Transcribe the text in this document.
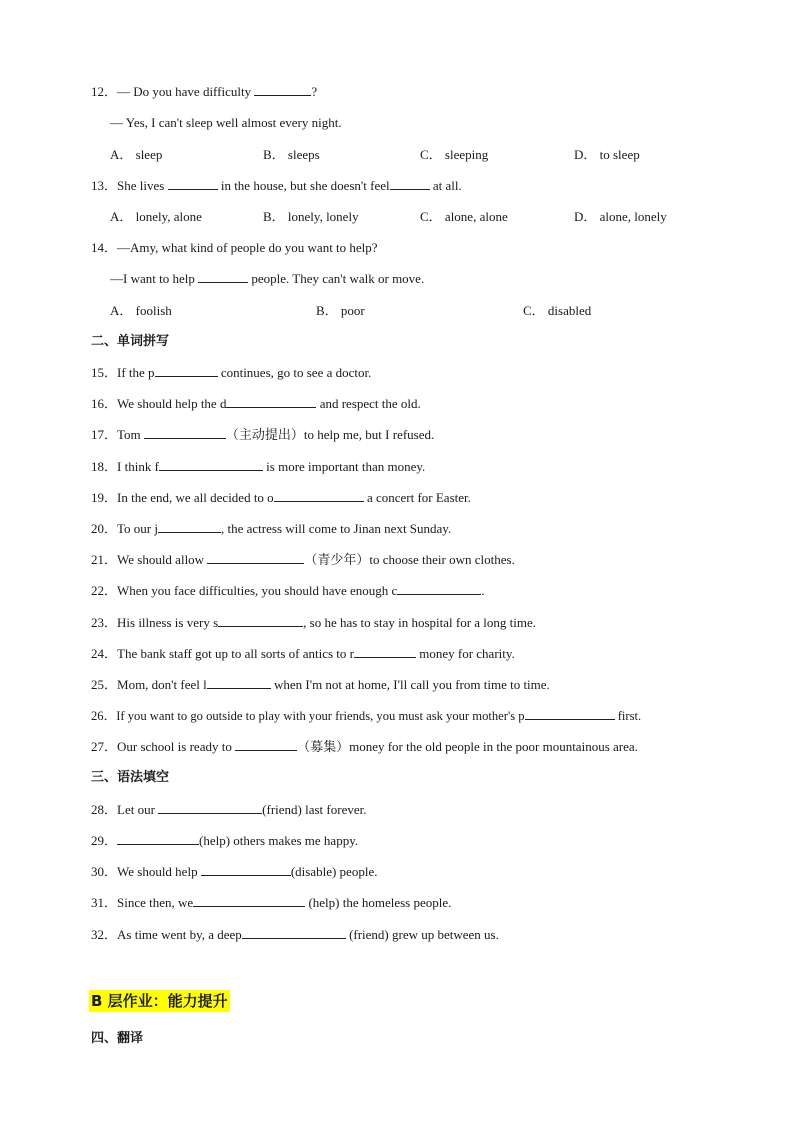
12．— Do you have difficulty	?
— Yes, I can't sleep well almost every night.
A． sleep	B． sleeps	C． sleeping	D． to sleep
13．She lives	in the house, but she doesn't feel	at all.
A． lonely, alone	B． lonely, lonely	C． alone, alone	D． alone, lonely
14．—Amy, what kind of people do you want to help?
—I want to help	people. They can't walk or move.
A． foolish	B． poor	C． disabled
二、单词拼写
15．If the p	continues, go to see a doctor.
16．We should help the d	and respect the old.
17．Tom	（主动提出）to help me, but I refused.
18．I think f	is more important than money.
19．In the end, we all decided to o	a concert for Easter.
20．To our j	, the actress will come to Jinan next Sunday.
21．We should allow	（青少年）to choose their own clothes.
22．When you face difficulties, you should have enough c	.
23．His illness is very s	, so he has to stay in hospital for a long time.
24．The bank staff got up to all sorts of antics to r	money for charity.
25．Mom, don't feel l	when I'm not at home, I'll call you from time to time.
26．If you want to go outside to play with your friends, you must ask your mother's p	first.
27．Our school is ready to	（募集）money for the old people in the poor mountainous area.
三、语法填空
28．Let our	(friend) last forever.
29．	(help) others makes me happy.
30．We should help	(disable) people.
31．Since then, we	(help) the homeless people.
32．As time went by, a deep	(friend) grew up between us.
B 层作业：能力提升
四、翻译
